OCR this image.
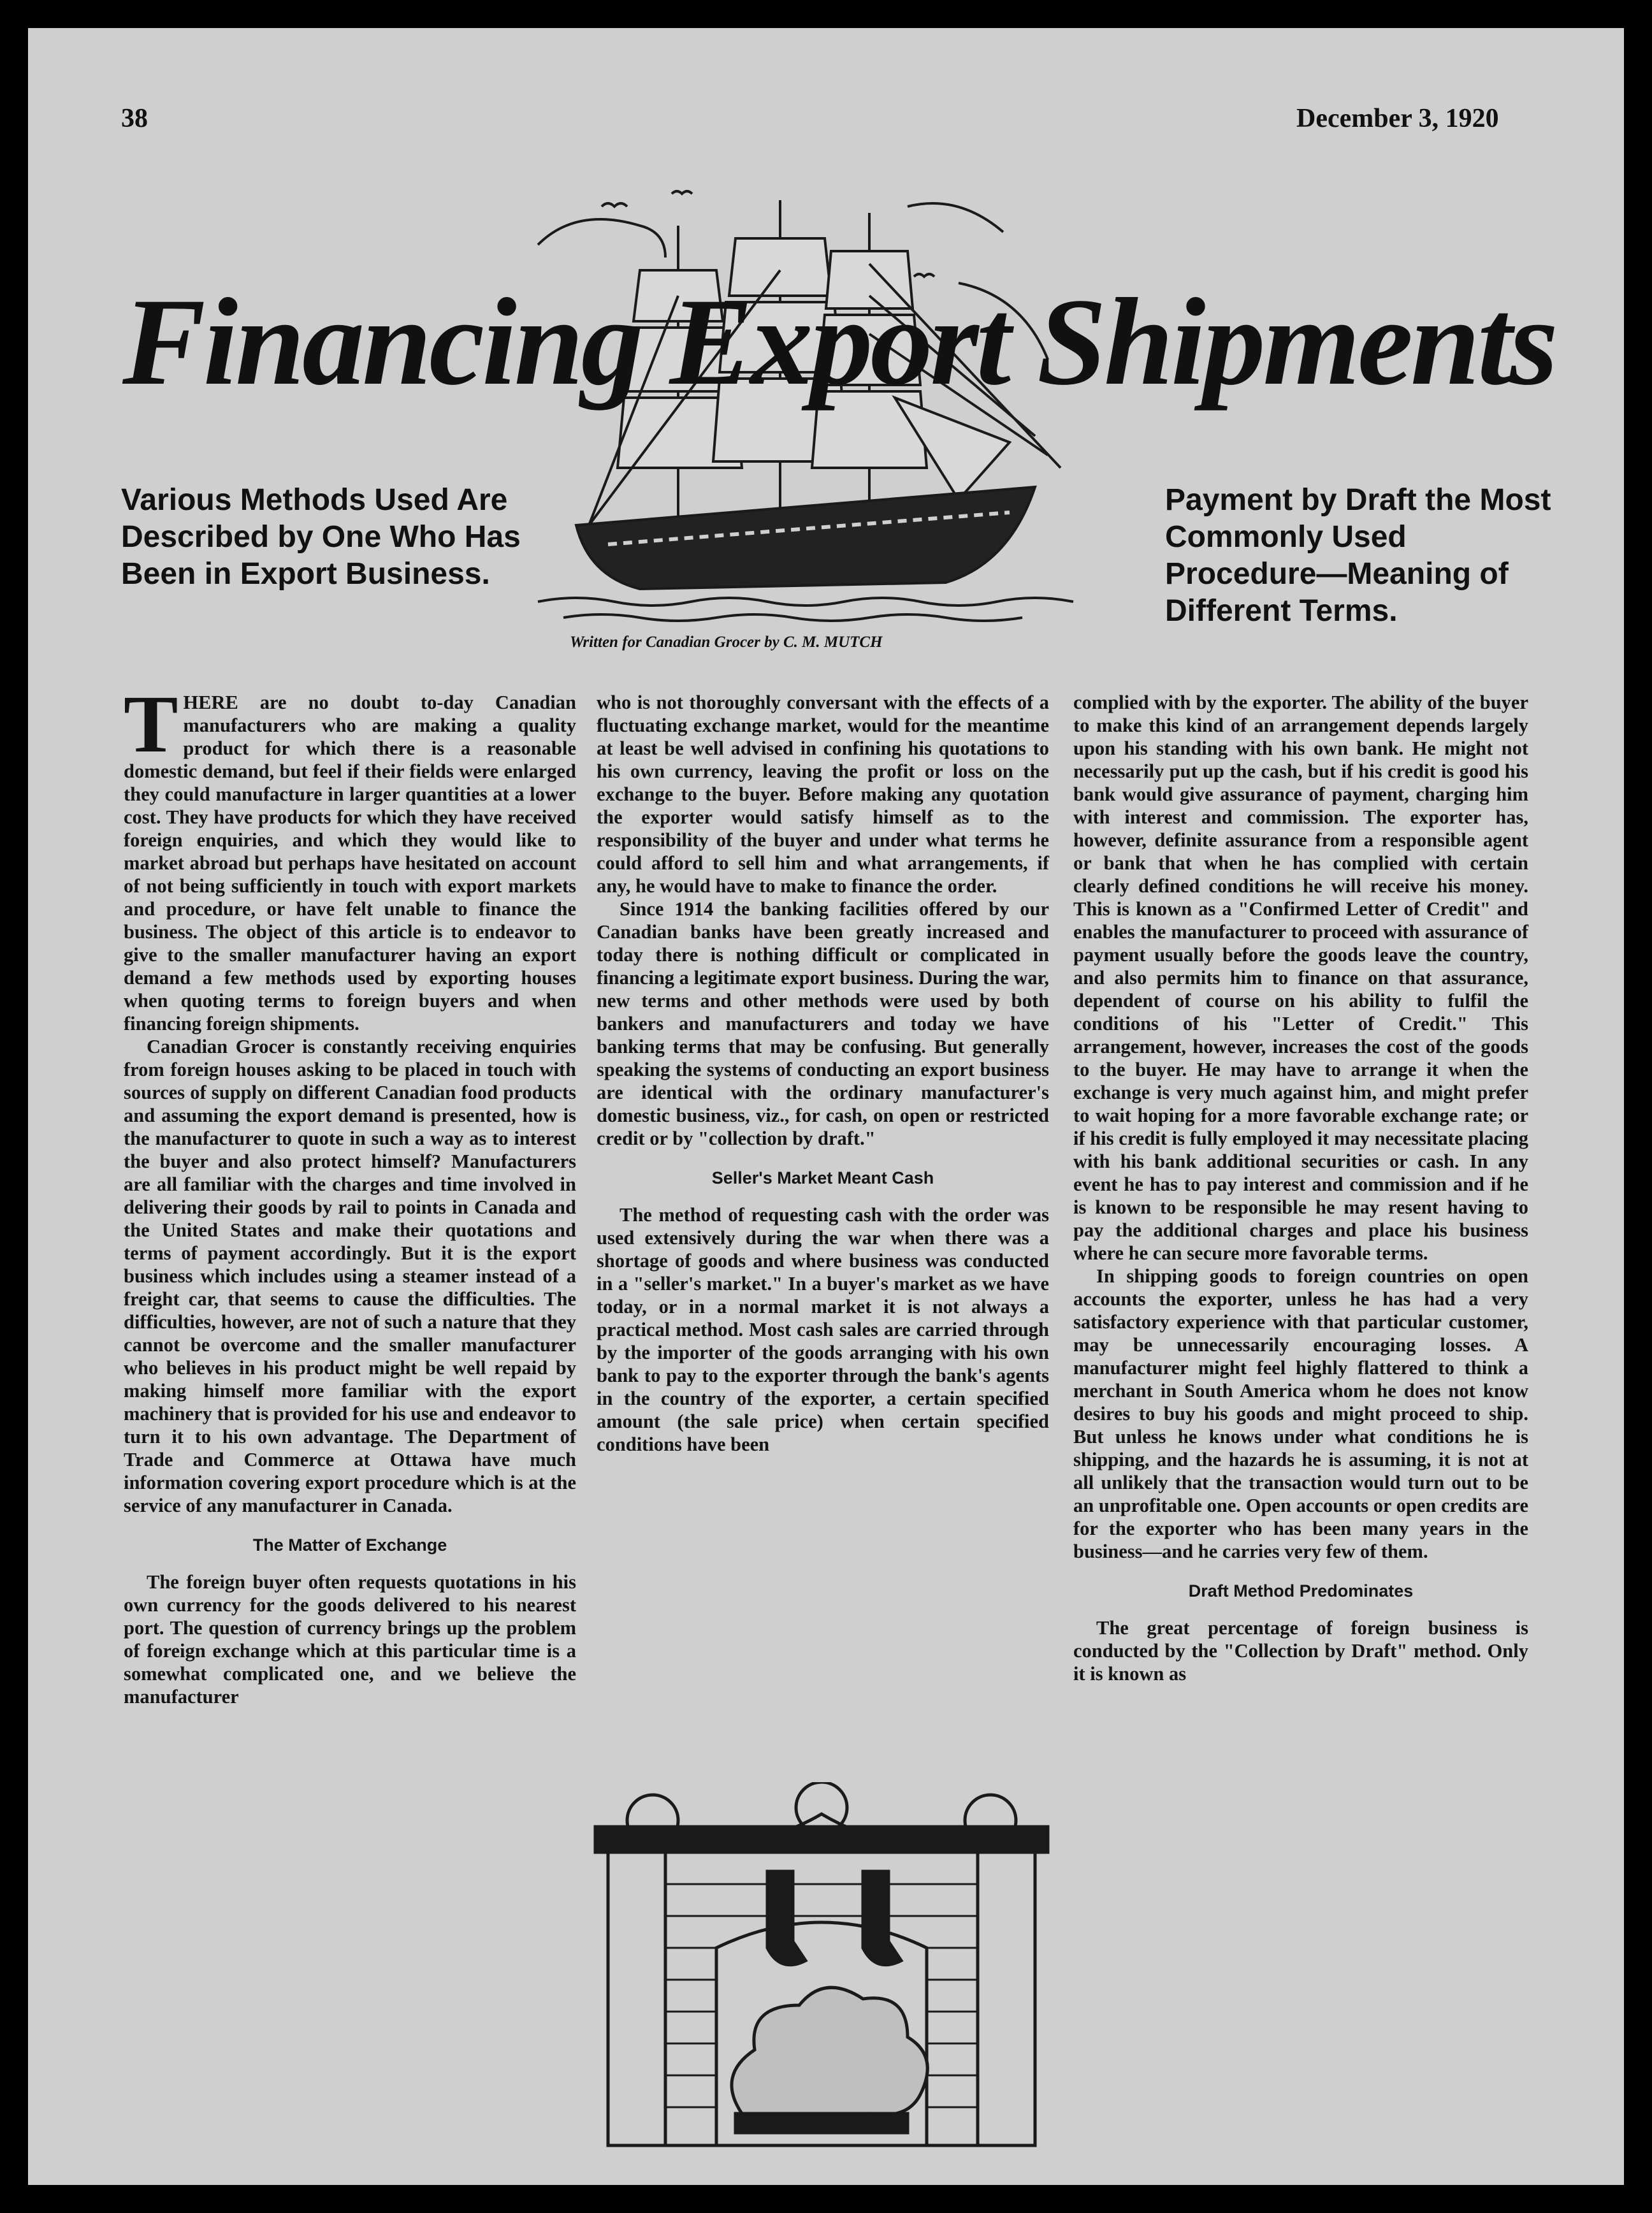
38	December 3, 1920
Financing Export Shipments
Various Methods Used Are Described by One Who Has Been in Export Business.
Payment by Draft the Most Commonly Used Procedure—Meaning of Different Terms.
Written for Canadian Grocer by C. M. MUTCH

THERE are no doubt to-day Canadian manufacturers who are making a quality product for which there is a reasonable domestic demand, but feel if their fields were enlarged they could manufacture in larger quantities at a lower cost. They have products for which they have received foreign enquiries, and which they would like to market abroad but perhaps have hesitated on account of not being sufficiently in touch with export markets and procedure, or have felt unable to finance the business. The object of this article is to endeavor to give to the smaller manufacturer having an export demand a few methods used by exporting houses when quoting terms to foreign buyers and when financing foreign shipments.

Canadian Grocer is constantly receiving enquiries from foreign houses asking to be placed in touch with sources of supply on different Canadian food products and assuming the export demand is presented, how is the manufacturer to quote in such a way as to interest the buyer and also protect himself? Manufacturers are all familiar with the charges and time involved in delivering their goods by rail to points in Canada and the United States and make their quotations and terms of payment accordingly. But it is the export business which includes using a steamer instead of a freight car, that seems to cause the difficulties. The difficulties, however, are not of such a nature that they cannot be overcome and the smaller manufacturer who believes in his product might be well repaid by making himself more familiar with the export machinery that is provided for his use and endeavor to turn it to his own advantage. The Department of Trade and Commerce at Ottawa have much information covering export procedure which is at the service of any manufacturer in Canada.

The Matter of Exchange

The foreign buyer often requests quotations in his own currency for the goods delivered to his nearest port. The question of currency brings up the problem of foreign exchange which at this particular time is a somewhat complicated one, and we believe the manufacturer

who is not thoroughly conversant with the effects of a fluctuating exchange market, would for the meantime at least be well advised in confining his quotations to his own currency, leaving the profit or loss on the exchange to the buyer. Before making any quotation the exporter would satisfy himself as to the responsibility of the buyer and under what terms he could afford to sell him and what arrangements, if any, he would have to make to finance the order.

Since 1914 the banking facilities offered by our Canadian banks have been greatly increased and today there is nothing difficult or complicated in financing a legitimate export business. During the war, new terms and other methods were used by both bankers and manufacturers and today we have banking terms that may be confusing. But generally speaking the systems of conducting an export business are identical with the ordinary manufacturer's domestic business, viz., for cash, on open or restricted credit or by "collection by draft."

Seller's Market Meant Cash

The method of requesting cash with the order was used extensively during the war when there was a shortage of goods and where business was conducted in a "seller's market." In a buyer's market as we have today, or in a normal market it is not always a practical method. Most cash sales are carried through by the importer of the goods arranging with his own bank to pay to the exporter through the bank's agents in the country of the exporter, a certain specified amount (the sale price) when certain specified conditions have been

complied with by the exporter. The ability of the buyer to make this kind of an arrangement depends largely upon his standing with his own bank. He might not necessarily put up the cash, but if his credit is good his bank would give assurance of payment, charging him with interest and commission. The exporter has, however, definite assurance from a responsible agent or bank that when he has complied with certain clearly defined conditions he will receive his money. This is known as a "Confirmed Letter of Credit" and enables the manufacturer to proceed with assurance of payment usually before the goods leave the country, and also permits him to finance on that assurance, dependent of course on his ability to fulfil the conditions of his "Letter of Credit." This arrangement, however, increases the cost of the goods to the buyer. He may have to arrange it when the exchange is very much against him, and might prefer to wait hoping for a more favorable exchange rate; or if his credit is fully employed it may necessitate placing with his bank additional securities or cash. In any event he has to pay interest and commission and if he is known to be responsible he may resent having to pay the additional charges and place his business where he can secure more favorable terms.

In shipping goods to foreign countries on open accounts the exporter, unless he has had a very satisfactory experience with that particular customer, may be unnecessarily encouraging losses. A manufacturer might feel highly flattered to think a merchant in South America whom he does not know desires to buy his goods and might proceed to ship. But unless he knows under what conditions he is shipping, and the hazards he is assuming, it is not at all unlikely that the transaction would turn out to be an unprofitable one. Open accounts or open credits are for the exporter who has been many years in the business—and he carries very few of them.

Draft Method Predominates

The great percentage of foreign business is conducted by the "Collection by Draft" method. Only it is known as
